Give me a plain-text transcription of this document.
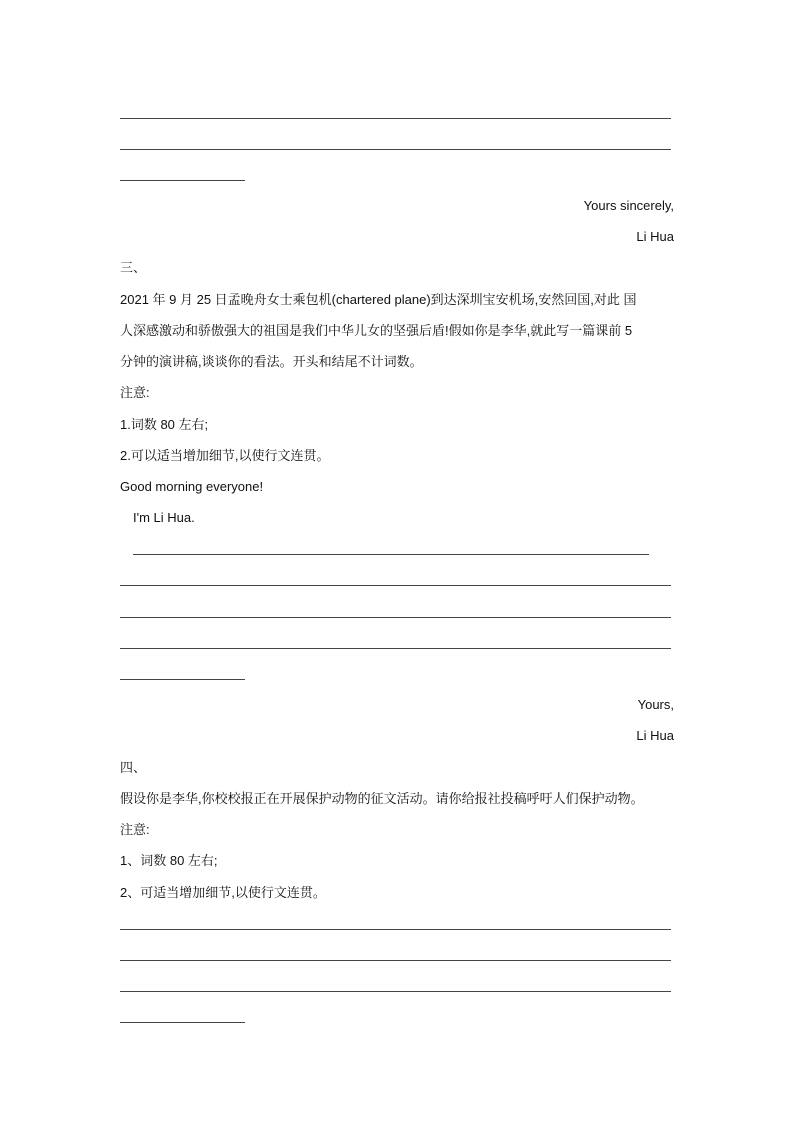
Yours sincerely,
Li Hua
三、
2021 年 9 月 25 日孟晚舟女士乘包机(chartered plane)到达深圳宝安机场,安然回国,对此 国
人深感激动和骄傲强大的祖国是我们中华儿女的坚强后盾!假如你是李华,就此写一篇课前 5
分钟的演讲稿,谈谈你的看法。开头和结尾不计词数。
注意:
1.词数 80 左右;
2.可以适当增加细节,以使行文连贯。
Good morning everyone!
I'm Li Hua.
Yours,
Li Hua
四、
假设你是李华,你校校报正在开展保护动物的征文活动。请你给报社投稿呼吁人们保护动物。
注意:
1、词数 80 左右;
2、可适当增加细节,以使行文连贯。
